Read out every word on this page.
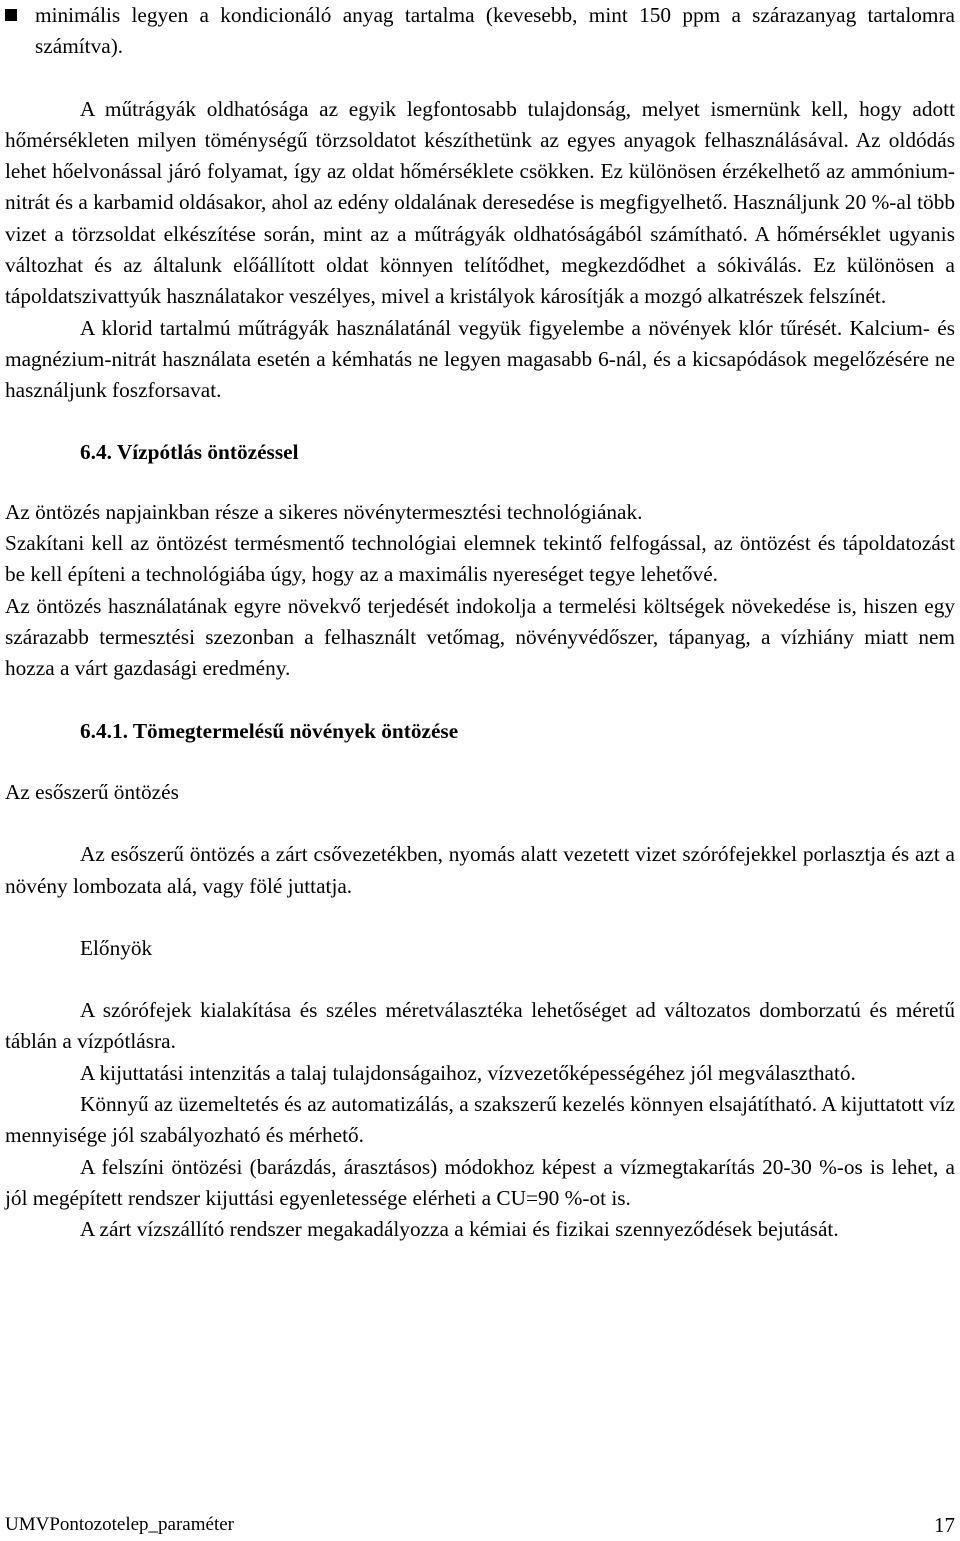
minimális legyen a kondicionáló anyag tartalma (kevesebb, mint 150 ppm a szárazanyag tartalomra számítva).

A műtrágyák oldhatósága az egyik legfontosabb tulajdonság, melyet ismernünk kell, hogy adott hőmérsékleten milyen töménységű törzsoldatot készíthetünk az egyes anyagok felhasználásával. Az oldódás lehet hőelvonással járó folyamat, így az oldat hőmérséklete csökken. Ez különösen érzékelhető az ammónium-nitrát és a karbamid oldásakor, ahol az edény oldalának deresedése is megfigyelhető. Használjunk 20 %-al több vizet a törzsoldat elkészítése során, mint az a műtrágyák oldhatóságából számítható. A hőmérséklet ugyanis változhat és az általunk előállított oldat könnyen telítődhet, megkezdődhet a sókiválás. Ez különösen a tápoldatszivattyúk használatakor veszélyes, mivel a kristályok károsítják a mozgó alkatrészek felszínét.

A klorid tartalmú műtrágyák használatánál vegyük figyelembe a növények klór tűrését. Kalcium- és magnézium-nitrát használata esetén a kémhatás ne legyen magasabb 6-nál, és a kicsapódások megelőzésére ne használjunk foszforsavat.

6.4. Vízpótlás öntözéssel

Az öntözés napjainkban része a sikeres növénytermesztési technológiának.

Szakítani kell az öntözést termésmentő technológiai elemnek tekintő felfogással, az öntözést és tápoldatozást be kell építeni a technológiába úgy, hogy az a maximális nyereséget tegye lehetővé.

Az öntözés használatának egyre növekvő terjedését indokolja a termelési költségek növekedése is, hiszen egy szárazabb termesztési szezonban a felhasznált vetőmag, növényvédőszer, tápanyag, a vízhiány miatt nem hozza a várt gazdasági eredmény.

6.4.1. Tömegtermelésű növények öntözése

Az esőszerű öntözés

Az esőszerű öntözés a zárt csővezetékben, nyomás alatt vezetett vizet szórófejekkel porlasztja és azt a növény lombozata alá, vagy fölé juttatja.

Előnyök

A szórófejek kialakítása és széles méretválasztéka lehetőséget ad változatos domborzatú és méretű táblán a vízpótlásra.

A kijuttatási intenzitás a talaj tulajdonságaihoz, vízvezetőképességéhez jól megválasztható.

Könnyű az üzemeltetés és az automatizálás, a szakszerű kezelés könnyen elsajátítható. A kijuttatott víz mennyisége jól szabályozható és mérhető.

A felszíni öntözési (barázdás, árasztásos) módokhoz képest a vízmegtakarítás 20-30 %-os is lehet, a jól megépített rendszer kijuttási egyenletessége elérheti a CU=90 %-ot is.

A zárt vízszállító rendszer megakadályozza a kémiai és fizikai szennyeződések bejutását.

UMVPontozotelep_paraméter	17
